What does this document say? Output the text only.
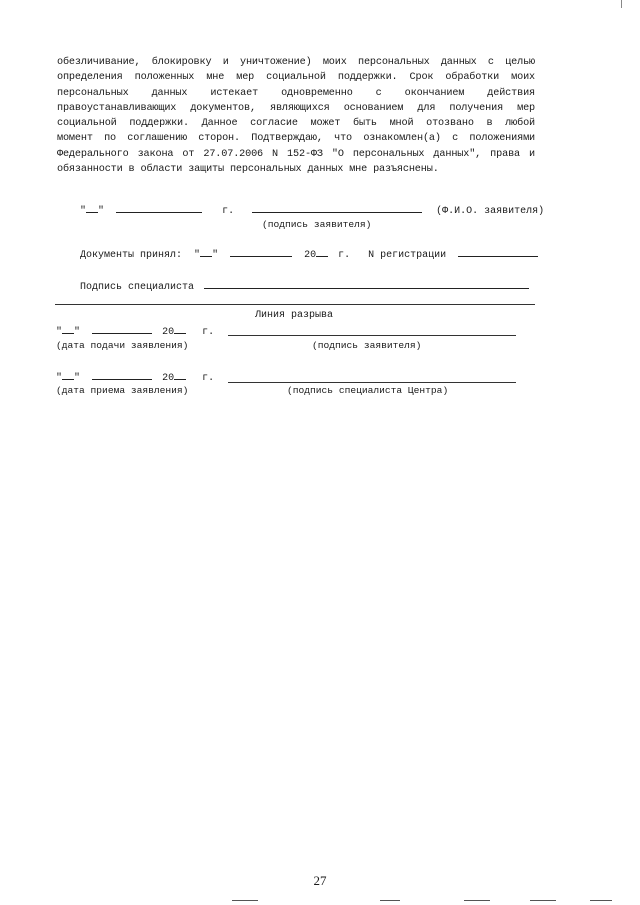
обезличивание, блокировку и уничтожение) моих персональных данных с целью
определения положенных мне мер социальной поддержки. Срок обработки моих
персональных данных истекает одновременно с окончанием действия
правоустанавливающих документов, являющихся основанием для получения мер
социальной поддержки. Данное согласие может быть мной отозвано в любой
момент по соглашению сторон. Подтверждаю, что ознакомлен(а) с положениями
Федерального закона от 27.07.2006 N 152-ФЗ "О персональных данных", права и
обязанности в области защиты персональных данных мне разъяснены.
" "	г.	(Ф.И.О. заявителя)
(подпись заявителя)
Документы принял: " "	20 г. N регистрации
Подпись специалиста
Линия разрыва
" "	20	г.
(дата подачи заявления)	(подпись заявителя)
" "	20	г.
(дата приема заявления)	(подпись специалиста Центра)
27
